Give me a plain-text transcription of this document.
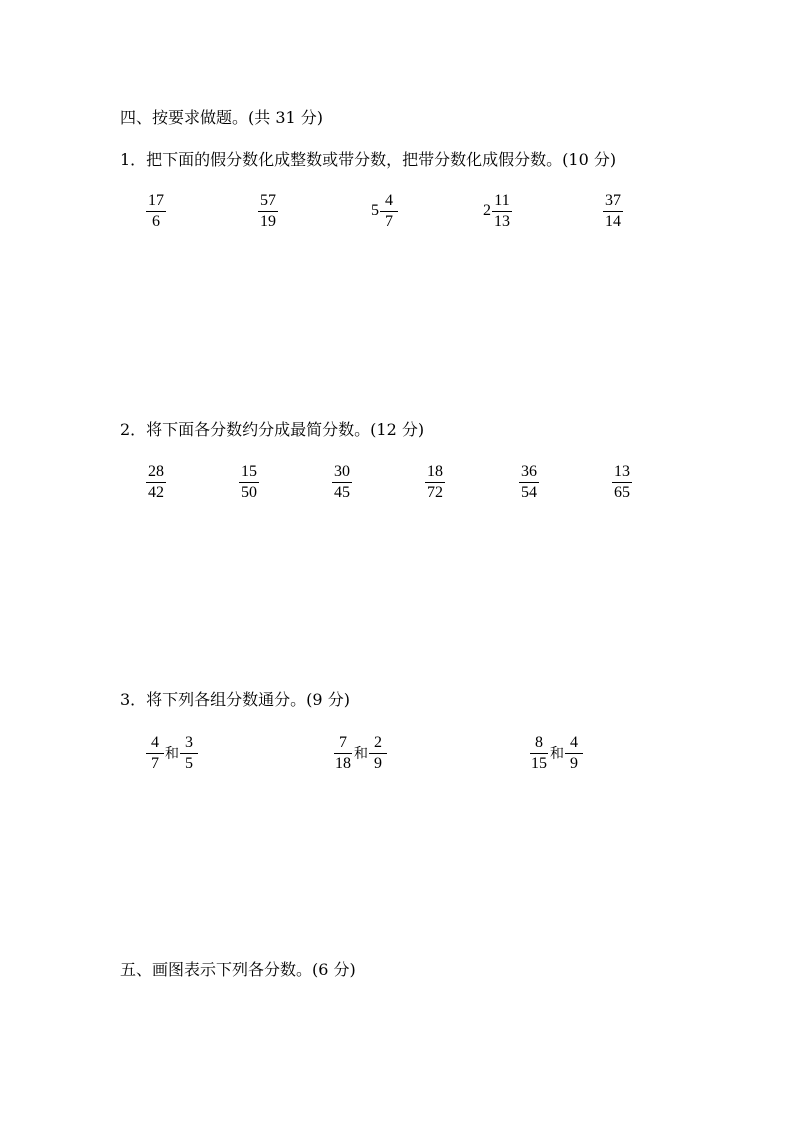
四、按要求做题。(共 31 分)
1．把下面的假分数化成整数或带分数，把带分数化成假分数。(10 分)
$\frac{17}{6}$	$\frac{57}{19}$	$5 \frac{4}{7}$	$2 \frac{11}{13}$	$\frac{37}{14}$
2．将下面各分数约分成最简分数。(12 分)
$\frac{28}{42}$	$\frac{15}{50}$	$\frac{30}{45}$	$\frac{18}{72}$	$\frac{36}{54}$	$\frac{13}{65}$
3．将下列各组分数通分。(9 分)
$\frac{4}{7}$ 和 $\frac{3}{5}$	$\frac{7}{18}$ 和 $\frac{2}{9}$	$\frac{8}{15}$ 和 $\frac{4}{9}$
五、画图表示下列各分数。(6 分)
